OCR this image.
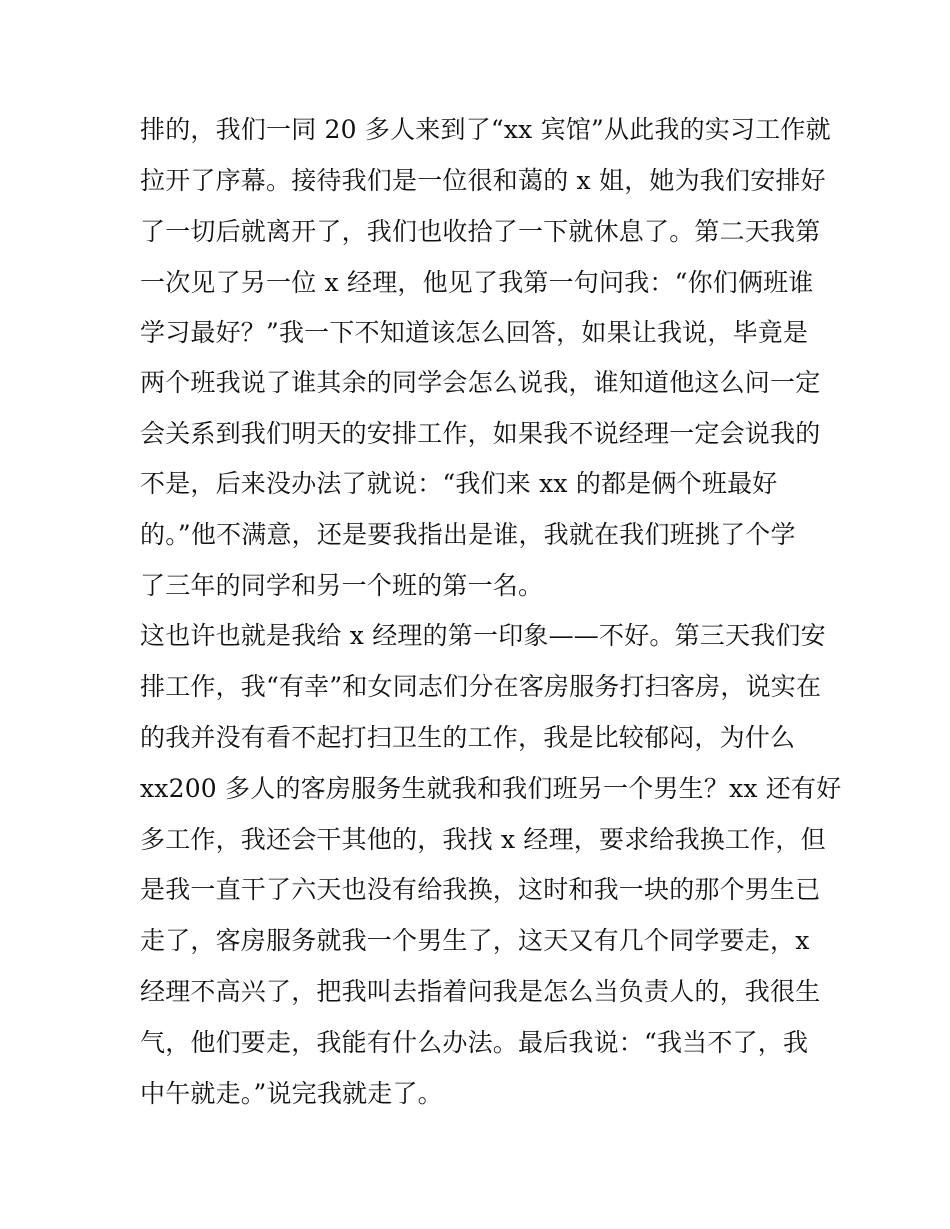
排的，我们一同 20 多人来到了“xx 宾馆”从此我的实习工作就
拉开了序幕。接待我们是一位很和蔼的 x 姐，她为我们安排好
了一切后就离开了，我们也收拾了一下就休息了。第二天我第
一次见了另一位 x 经理，他见了我第一句问我：“你们俩班谁
学习最好？”我一下不知道该怎么回答，如果让我说，毕竟是
两个班我说了谁其余的同学会怎么说我，谁知道他这么问一定
会关系到我们明天的安排工作，如果我不说经理一定会说我的
不是，后来没办法了就说：“我们来 xx 的都是俩个班最好
的。”他不满意，还是要我指出是谁，我就在我们班挑了个学
了三年的同学和另一个班的第一名。
这也许也就是我给 x 经理的第一印象——不好。第三天我们安
排工作，我“有幸”和女同志们分在客房服务打扫客房，说实在
的我并没有看不起打扫卫生的工作，我是比较郁闷，为什么
xx200 多人的客房服务生就我和我们班另一个男生？xx 还有好
多工作，我还会干其他的，我找 x 经理，要求给我换工作，但
是我一直干了六天也没有给我换，这时和我一块的那个男生已
走了，客房服务就我一个男生了，这天又有几个同学要走，x
经理不高兴了，把我叫去指着问我是怎么当负责人的，我很生
气，他们要走，我能有什么办法。最后我说：“我当不了，我
中午就走。”说完我就走了。
